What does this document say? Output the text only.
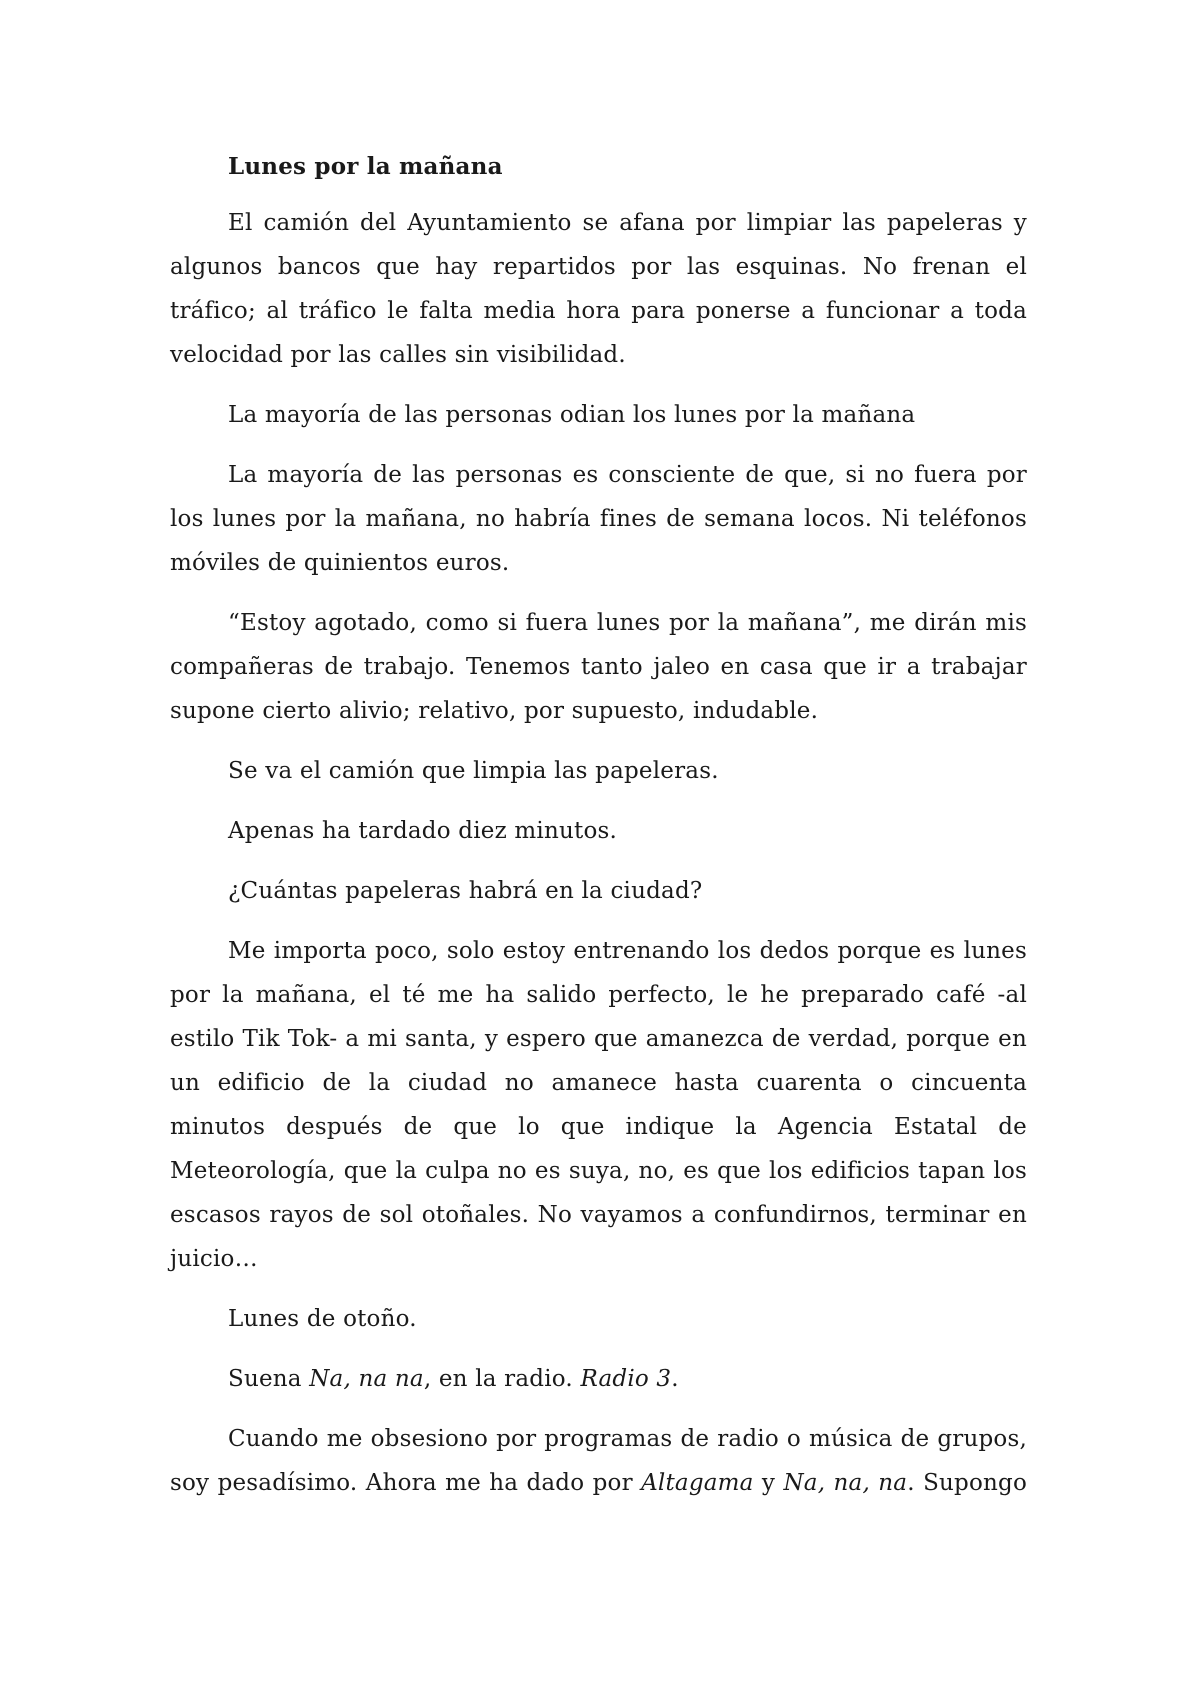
Lunes por la mañana
El camión del Ayuntamiento se afana por limpiar las papeleras y algunos bancos que hay repartidos por las esquinas. No frenan el tráfico; al tráfico le falta media hora para ponerse a funcionar a toda velocidad por las calles sin visibilidad.
La mayoría de las personas odian los lunes por la mañana
La mayoría de las personas es consciente de que, si no fuera por los lunes por la mañana, no habría fines de semana locos. Ni teléfonos móviles de quinientos euros.
“Estoy agotado, como si fuera lunes por la mañana”, me dirán mis compañeras de trabajo. Tenemos tanto jaleo en casa que ir a trabajar supone cierto alivio; relativo, por supuesto, indudable.
Se va el camión que limpia las papeleras.
Apenas ha tardado diez minutos.
¿Cuántas papeleras habrá en la ciudad?
Me importa poco, solo estoy entrenando los dedos porque es lunes por la mañana, el té me ha salido perfecto, le he preparado café -al estilo Tik Tok- a mi santa, y espero que amanezca de verdad, porque en un edificio de la ciudad no amanece hasta cuarenta o cincuenta minutos después de que lo que indique la Agencia Estatal de Meteorología, que la culpa no es suya, no, es que los edificios tapan los escasos rayos de sol otoñales. No vayamos a confundirnos, terminar en juicio…
Lunes de otoño.
Suena Na, na na, en la radio. Radio 3.
Cuando me obsesiono por programas de radio o música de grupos, soy pesadísimo. Ahora me ha dado por Altagama y Na, na, na. Supongo
